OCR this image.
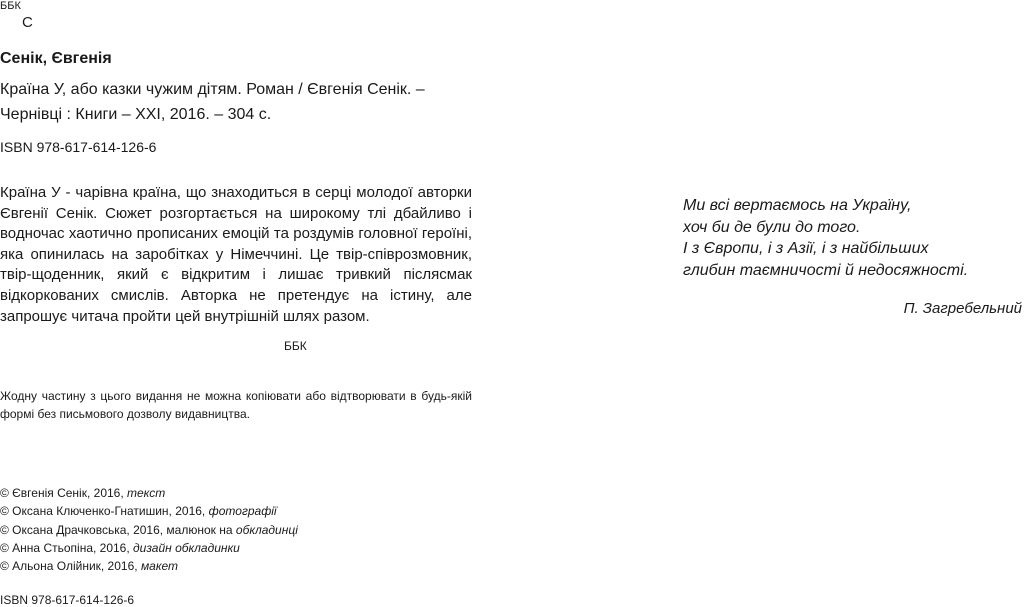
ББК
С
Сенік, Євгенія
Країна У, або казки чужим дітям. Роман / Євгенія Сенік. – Чернівці : Книги – ХХІ, 2016. – 304 с.
ISBN 978-617-614-126-6
Країна У - чарівна країна, що знаходиться в серці молодої авторки Євгенії Сенік. Сюжет розгортається на широкому тлі дбайливо і водночас хаотично прописаних емоцій та роздумів головної героїні, яка опинилась на заробітках у Німеччині. Це твір-співрозмовник, твір-щоденник, який є відкритим і лишає тривкий післясмак відкоркованих смислів. Авторка не претендує на істину, але запрошує читача пройти цей внутрішній шлях разом.
ББК
Жодну частину з цього видання не можна копіювати або відтворювати в будь-якій формі без письмового дозволу видавництва.
© Євгенія Сенік, 2016, текст
© Оксана Ключенко-Гнатишин, 2016, фотографії
© Оксана Драчковська, 2016, малюнок на обкладинці
© Анна Стьопіна, 2016, дизайн обкладинки
© Альона Олійник, 2016, макет
ISBN 978-617-614-126-6
Ми всі вертаємось на Україну,
хоч би де були до того.
І з Європи, і з Азії, і з найбільших
глибин таємничості й недосяжності.
П. Загребельний
